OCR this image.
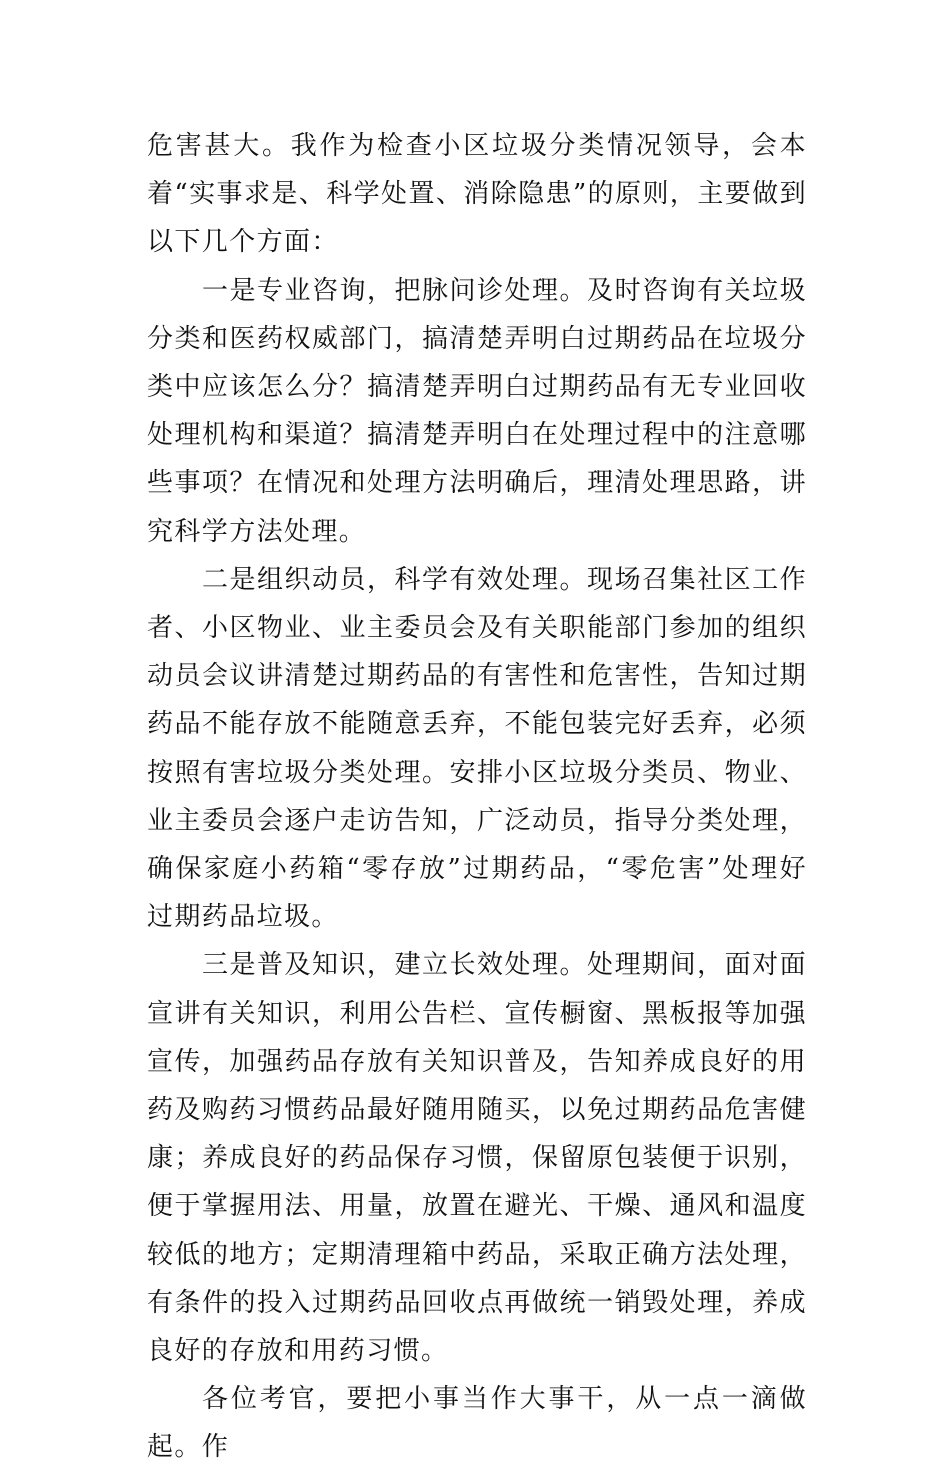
危害甚大。我作为检查小区垃圾分类情况领导，会本着“实事求是、科学处置、消除隐患”的原则，主要做到以下几个方面：

一是专业咨询，把脉问诊处理。及时咨询有关垃圾分类和医药权威部门，搞清楚弄明白过期药品在垃圾分类中应该怎么分？搞清楚弄明白过期药品有无专业回收处理机构和渠道？搞清楚弄明白在处理过程中的注意哪些事项？在情况和处理方法明确后，理清处理思路，讲究科学方法处理。

二是组织动员，科学有效处理。现场召集社区工作者、小区物业、业主委员会及有关职能部门参加的组织动员会议讲清楚过期药品的有害性和危害性，告知过期药品不能存放不能随意丢弃，不能包装完好丢弃，必须按照有害垃圾分类处理。安排小区垃圾分类员、物业、业主委员会逐户走访告知，广泛动员，指导分类处理，确保家庭小药箱“零存放”过期药品，“零危害”处理好过期药品垃圾。

三是普及知识，建立长效处理。处理期间，面对面宣讲有关知识，利用公告栏、宣传橱窗、黑板报等加强宣传，加强药品存放有关知识普及，告知养成良好的用药及购药习惯药品最好随用随买，以免过期药品危害健康；养成良好的药品保存习惯，保留原包装便于识别，便于掌握用法、用量，放置在避光、干燥、通风和温度较低的地方；定期清理箱中药品，采取正确方法处理，有条件的投入过期药品回收点再做统一销毁处理，养成良好的存放和用药习惯。

各位考官，要把小事当作大事干，从一点一滴做起。作
